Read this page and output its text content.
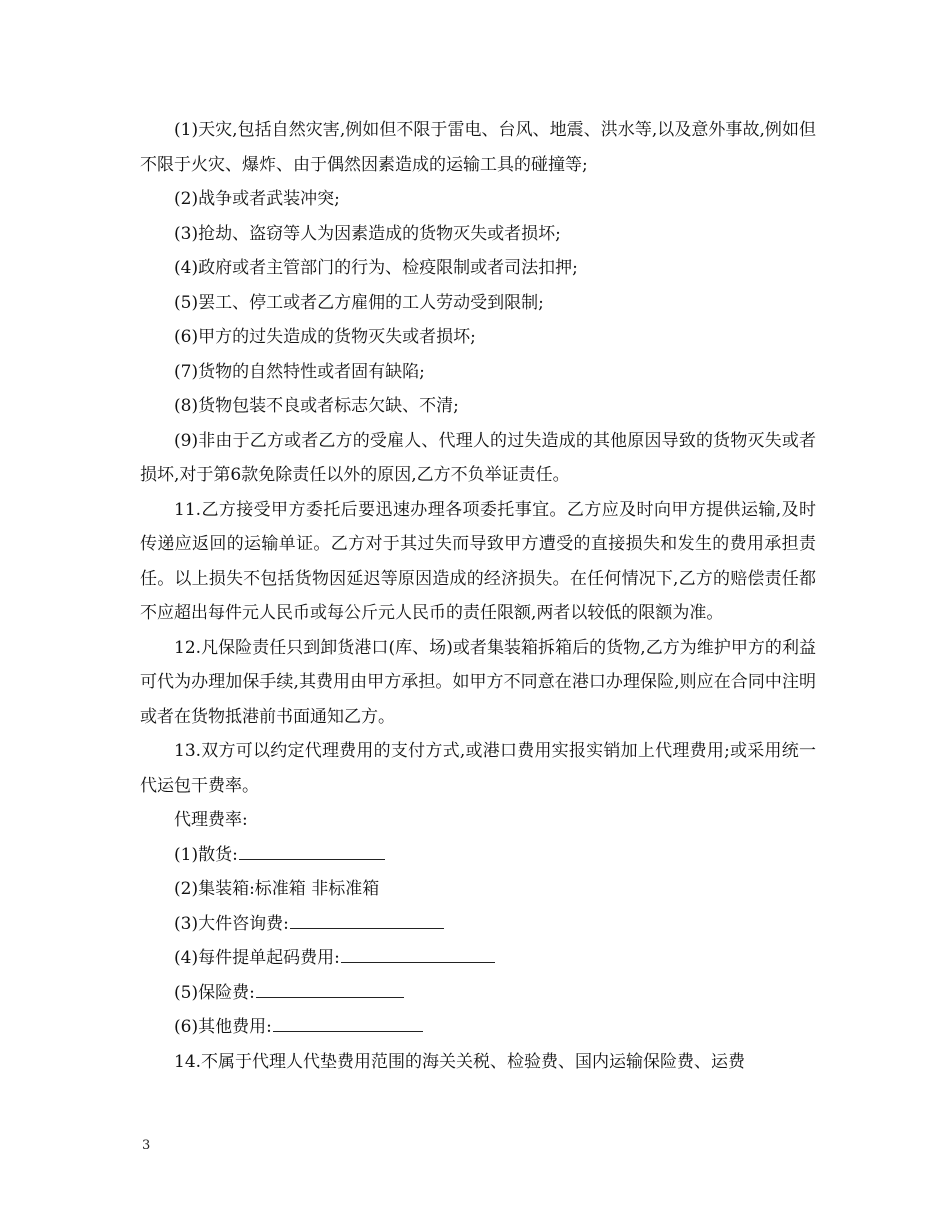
(1)天灾,包括自然灾害,例如但不限于雷电、台风、地震、洪水等,以及意外事故,例如但不限于火灾、爆炸、由于偶然因素造成的运输工具的碰撞等;

(2)战争或者武装冲突;

(3)抢劫、盗窃等人为因素造成的货物灭失或者损坏;

(4)政府或者主管部门的行为、检疫限制或者司法扣押;

(5)罢工、停工或者乙方雇佣的工人劳动受到限制;

(6)甲方的过失造成的货物灭失或者损坏;

(7)货物的自然特性或者固有缺陷;

(8)货物包装不良或者标志欠缺、不清;

(9)非由于乙方或者乙方的受雇人、代理人的过失造成的其他原因导致的货物灭失或者损坏,对于第6款免除责任以外的原因,乙方不负举证责任。

11.乙方接受甲方委托后要迅速办理各项委托事宜。乙方应及时向甲方提供运输,及时传递应返回的运输单证。乙方对于其过失而导致甲方遭受的直接损失和发生的费用承担责任。以上损失不包括货物因延迟等原因造成的经济损失。在任何情况下,乙方的赔偿责任都不应超出每件元人民币或每公斤元人民币的责任限额,两者以较低的限额为准。

12.凡保险责任只到卸货港口(库、场)或者集装箱拆箱后的货物,乙方为维护甲方的利益可代为办理加保手续,其费用由甲方承担。如甲方不同意在港口办理保险,则应在合同中注明或者在货物抵港前书面通知乙方。

13.双方可以约定代理费用的支付方式,或港口费用实报实销加上代理费用;或采用统一代运包干费率。

代理费率:

(1)散货:

(2)集装箱:标准箱 非标准箱

(3)大件咨询费:

(4)每件提单起码费用:

(5)保险费:

(6)其他费用:

14.不属于代理人代垫费用范围的海关关税、检验费、国内运输保险费、运费

3
